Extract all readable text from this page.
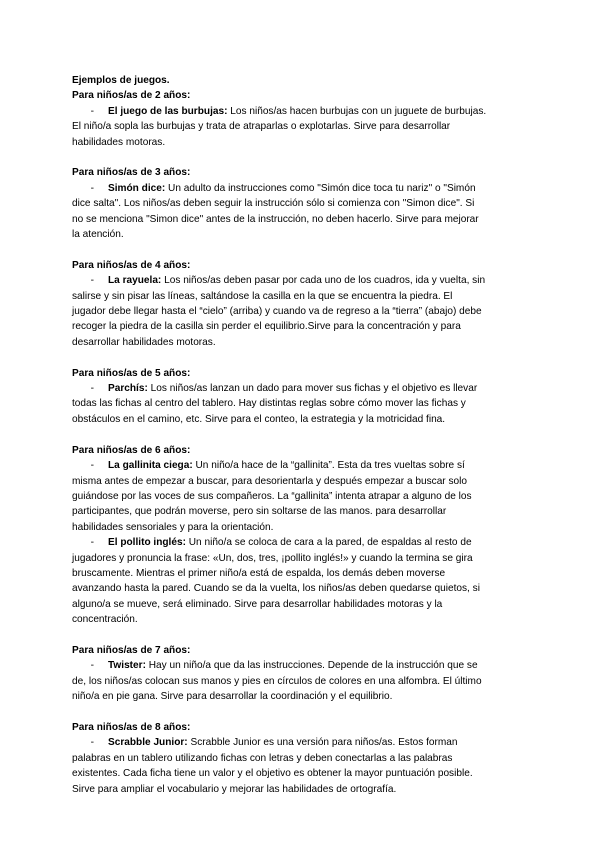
Ejemplos de juegos.
Para niños/as de 2 años:
- El juego de las burbujas: Los niños/as hacen burbujas con un juguete de burbujas.
El niño/a sopla las burbujas y trata de atraparlas o explotarlas. Sirve para desarrollar
habilidades motoras.
Para niños/as de 3 años:
- Simón dice: Un adulto da instrucciones como "Simón dice toca tu nariz" o "Simón
dice salta". Los niños/as deben seguir la instrucción sólo si comienza con "Simon dice". Si
no se menciona "Simon dice" antes de la instrucción, no deben hacerlo. Sirve para mejorar
la atención.
Para niños/as de 4 años:
- La rayuela: Los niños/as deben pasar por cada uno de los cuadros, ida y vuelta, sin
salirse y sin pisar las líneas, saltándose la casilla en la que se encuentra la piedra. El
jugador debe llegar hasta el “cielo” (arriba) y cuando va de regreso a la “tierra” (abajo) debe
recoger la piedra de la casilla sin perder el equilibrio.Sirve para la concentración y para
desarrollar habilidades motoras.
Para niños/as de 5 años:
- Parchís: Los niños/as lanzan un dado para mover sus fichas y el objetivo es llevar
todas las fichas al centro del tablero. Hay distintas reglas sobre cómo mover las fichas y
obstáculos en el camino, etc. Sirve para el conteo, la estrategia y la motricidad fina.
Para niños/as de 6 años:
- La gallinita ciega: Un niño/a hace de la “gallinita”. Esta da tres vueltas sobre sí
misma antes de empezar a buscar, para desorientarla y después empezar a buscar solo
guiándose por las voces de sus compañeros. La “gallinita” intenta atrapar a alguno de los
participantes, que podrán moverse, pero sin soltarse de las manos. para desarrollar
habilidades sensoriales y para la orientación.
- El pollito inglés: Un niño/a se coloca de cara a la pared, de espaldas al resto de
jugadores y pronuncia la frase: «Un, dos, tres, ¡pollito inglés!» y cuando la termina se gira
bruscamente. Mientras el primer niño/a está de espalda, los demás deben moverse
avanzando hasta la pared. Cuando se da la vuelta, los niños/as deben quedarse quietos, si
alguno/a se mueve, será eliminado. Sirve para desarrollar habilidades motoras y la
concentración.
Para niños/as de 7 años:
- Twister: Hay un niño/a que da las instrucciones. Depende de la instrucción que se
de, los niños/as colocan sus manos y pies en círculos de colores en una alfombra. El último
niño/a en pie gana. Sirve para desarrollar la coordinación y el equilibrio.
Para niños/as de 8 años:
- Scrabble Junior: Scrabble Junior es una versión para niños/as. Estos forman
palabras en un tablero utilizando fichas con letras y deben conectarlas a las palabras
existentes. Cada ficha tiene un valor y el objetivo es obtener la mayor puntuación posible.
Sirve para ampliar el vocabulario y mejorar las habilidades de ortografía.
